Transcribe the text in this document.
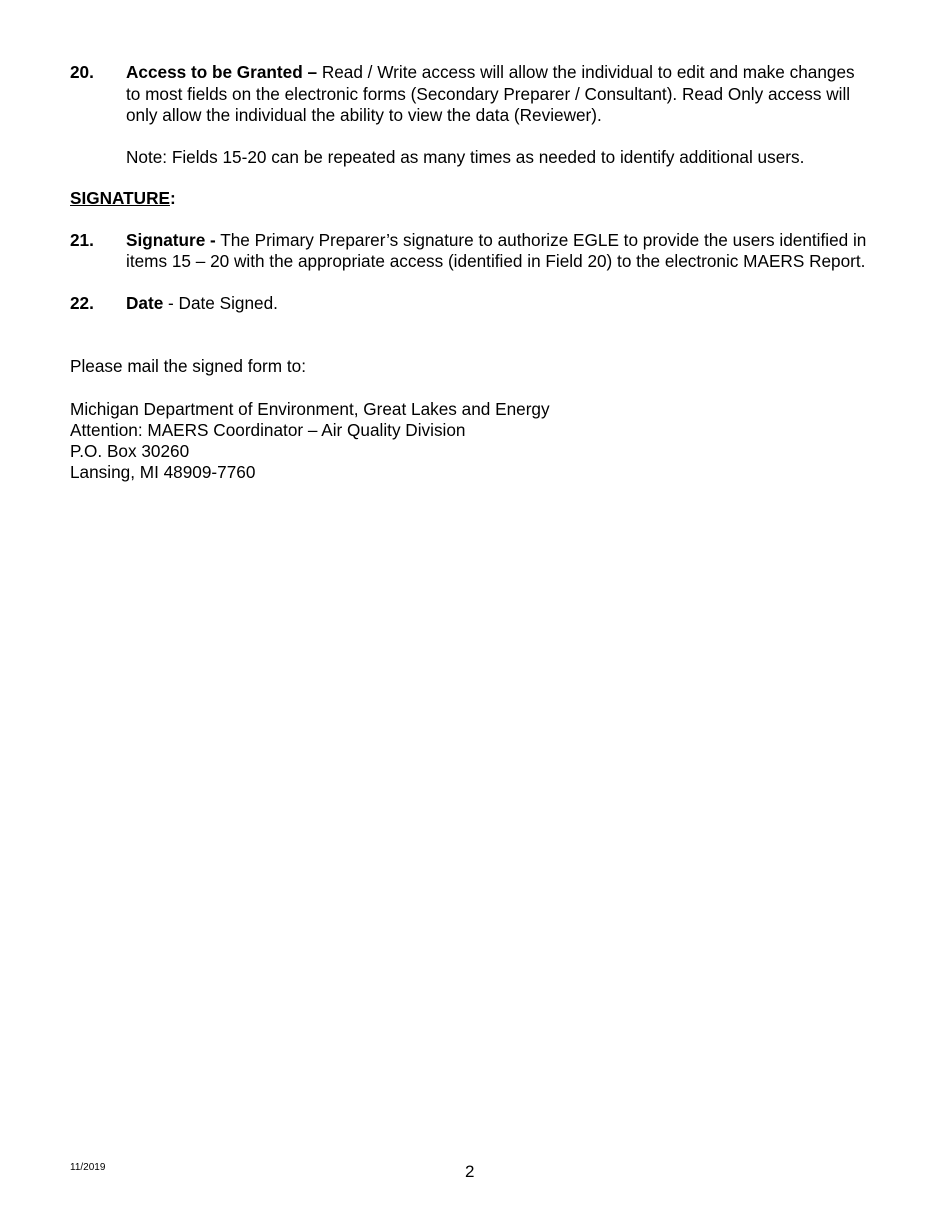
20.	Access to be Granted – Read / Write access will allow the individual to edit and make changes to most fields on the electronic forms (Secondary Preparer / Consultant). Read Only access will only allow the individual the ability to view the data (Reviewer).
Note: Fields 15-20 can be repeated as many times as needed to identify additional users.
SIGNATURE:
21.	Signature - The Primary Preparer’s signature to authorize EGLE to provide the users identified in items 15 – 20 with the appropriate access (identified in Field 20) to the electronic MAERS Report.
22.	Date - Date Signed.
Please mail the signed form to:
Michigan Department of Environment, Great Lakes and Energy
Attention: MAERS Coordinator – Air Quality Division
P.O. Box 30260
Lansing, MI 48909-7760
11/2019	2
